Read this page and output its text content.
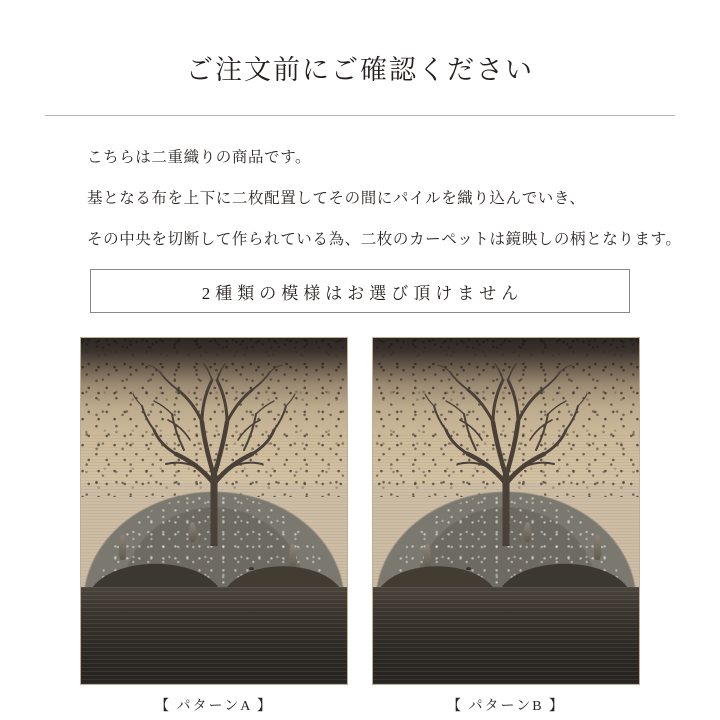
ご注文前にご確認ください

こちらは二重織りの商品です。

基となる布を上下に二枚配置してその間にパイルを織り込んでいき、

その中央を切断して作られている為、二枚のカーペットは鏡映しの柄となります。

2種類の模様はお選び頂けません
【 パターンA 】	【 パターンB 】
